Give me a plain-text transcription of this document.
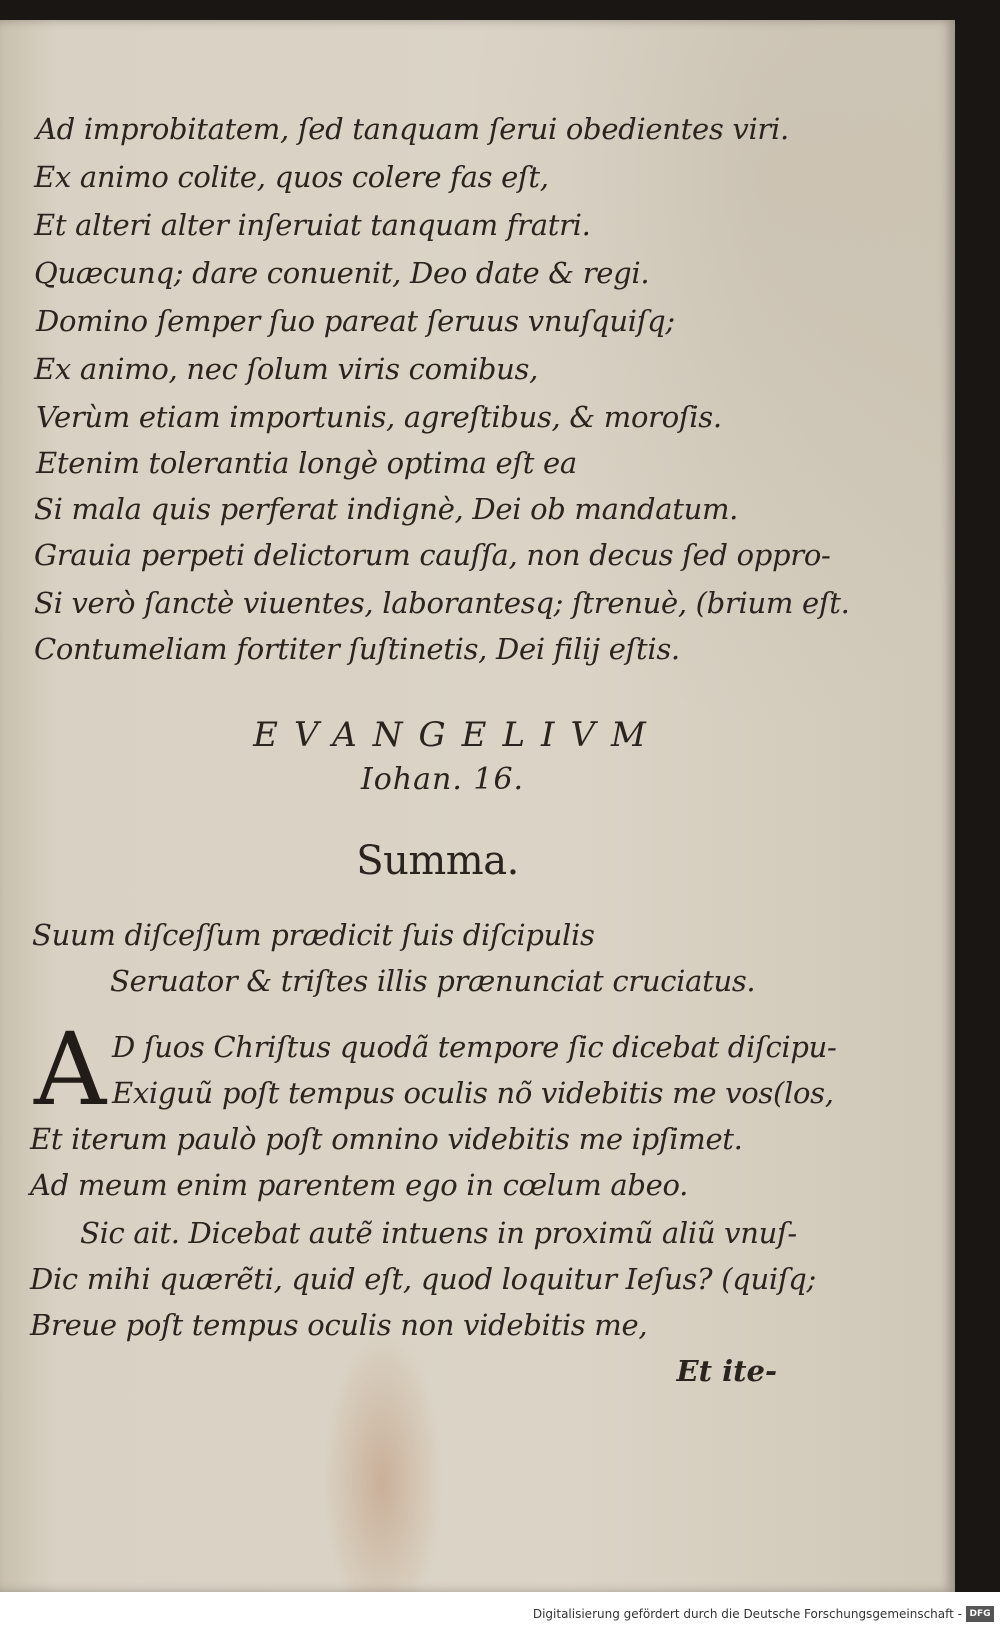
Ad improbitatem, ſed tanquam ſerui obedientes viri.
Ex animo colite, quos colere fas eſt,
Et alteri alter inſeruiat tanquam fratri.
Quæcunq; dare conuenit, Deo date & regi.
Domino ſemper ſuo pareat ſeruus vnuſquiſq;
Ex animo, nec ſolum viris comibus,
Verùm etiam importunis, agreſtibus, & moroſis.
Etenim tolerantia longè optima eſt ea
Si mala quis perferat indignè, Dei ob mandatum.
Grauia perpeti delictorum cauſſa, non decus ſed oppro-
Si verò ſanctè viuentes, laborantesq; ſtrenuè, (brium eſt.
Contumeliam fortiter ſuſtinetis, Dei filij eſtis.
EVANGELIVM
Iohan. 16.
Summa.
Suum diſceſſum prædicit ſuis diſcipulis
Seruator & triſtes illis prænunciat cruciatus.
A D ſuos Chriſtus quodã tempore ſic dicebat diſcipu-
Exiguũ poſt tempus oculis nõ videbitis me vos(los,
Et iterum paulò poſt omnino videbitis me ipſimet.
Ad meum enim parentem ego in cœlum abeo.
Sic ait. Dicebat autẽ intuens in proximũ aliũ vnuſ-
Dic mihi quærẽti, quid eſt, quod loquitur Ieſus? (quiſq;
Breue poſt tempus oculis non videbitis me,
Et ite-
Digitalisierung gefördert durch die Deutsche Forschungsgemeinschaft - DFG
